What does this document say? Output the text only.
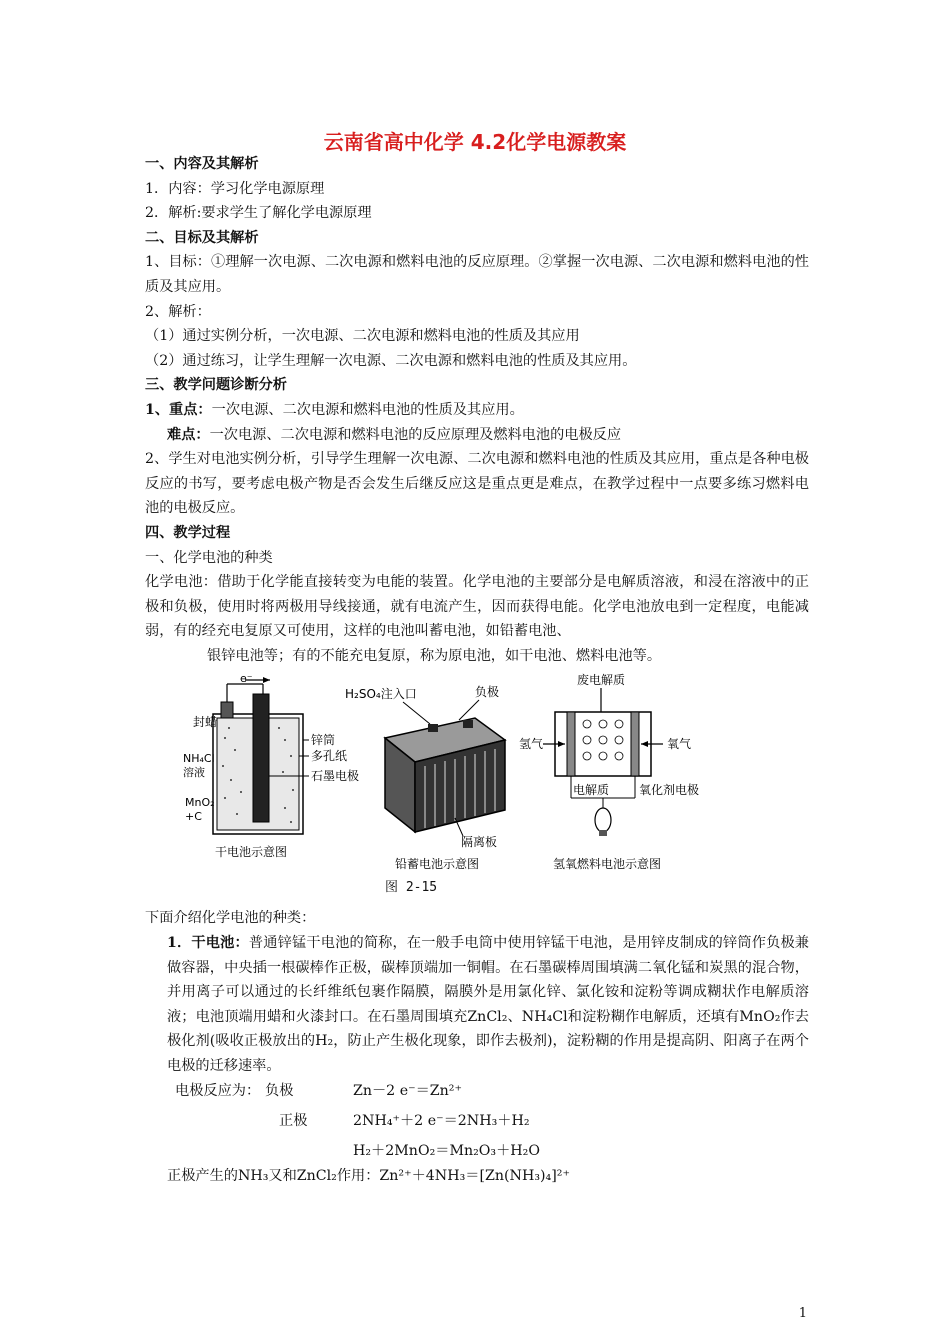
云南省高中化学 4.2化学电源教案

一、内容及其解析

1．内容：学习化学电源原理

2．解析:要求学生了解化学电源原理

二、目标及其解析

1、目标：①理解一次电源、二次电源和燃料电池的反应原理。②掌握一次电源、二次电源和燃料电池的性质及其应用。

2、解析：

（1）通过实例分析，一次电源、二次电源和燃料电池的性质及其应用

（2）通过练习，让学生理解一次电源、二次电源和燃料电池的性质及其应用。

三、教学问题诊断分析

1、重点：一次电源、二次电源和燃料电池的性质及其应用。

难点：一次电源、二次电源和燃料电池的反应原理及燃料电池的电极反应

2、学生对电池实例分析，引导学生理解一次电源、二次电源和燃料电池的性质及其应用，重点是各种电极反应的书写，要考虑电极产物是否会发生后继反应这是重点更是难点，在教学过程中一点要多练习燃料电池的电极反应。

四、教学过程

一、化学电池的种类

化学电池：借助于化学能直接转变为电能的装置。化学电池的主要部分是电解质溶液，和浸在溶液中的正极和负极，使用时将两极用导线接通，就有电流产生，因而获得电能。化学电池放电到一定程度，电能减弱，有的经充电复原又可使用，这样的电池叫蓄电池，如铅蓄电池、

银锌电池等；有的不能充电复原，称为原电池，如干电池、燃料电池等。

e⁻
封蜡
NH₄Cl
溶液
MnO₂
+C
锌筒
多孔纸
石墨电极
干电池示意图
H₂SO₄注入口	负极
隔离板
铅蓄电池示意图
废电解质
氢气	氧气
电解质 氧化剂电极
氢氧燃料电池示意图
图 2-15

下面介绍化学电池的种类：

1．干电池：普通锌锰干电池的简称，在一般手电筒中使用锌锰干电池，是用锌皮制成的锌筒作负极兼做容器，中央插一根碳棒作正极，碳棒顶端加一铜帽。在石墨碳棒周围填满二氧化锰和炭黑的混合物，并用离子可以通过的长纤维纸包裹作隔膜，隔膜外是用氯化锌、氯化铵和淀粉等调成糊状作电解质溶液；电池顶端用蜡和火漆封口。在石墨周围填充ZnCl₂、NH₄Cl和淀粉糊作电解质，还填有MnO₂作去极化剂(吸收正极放出的H₂，防止产生极化现象，即作去极剂)，淀粉糊的作用是提高阴、阳离子在两个电极的迁移速率。

电极反应为： 负极	Zn－2 e⁻＝Zn²⁺
正极	2NH₄⁺＋2 e⁻＝2NH₃＋H₂
H₂＋2MnO₂＝Mn₂O₃＋H₂O

正极产生的NH₃又和ZnCl₂作用：Zn²⁺＋4NH₃＝[Zn(NH₃)₄]²⁺

1
